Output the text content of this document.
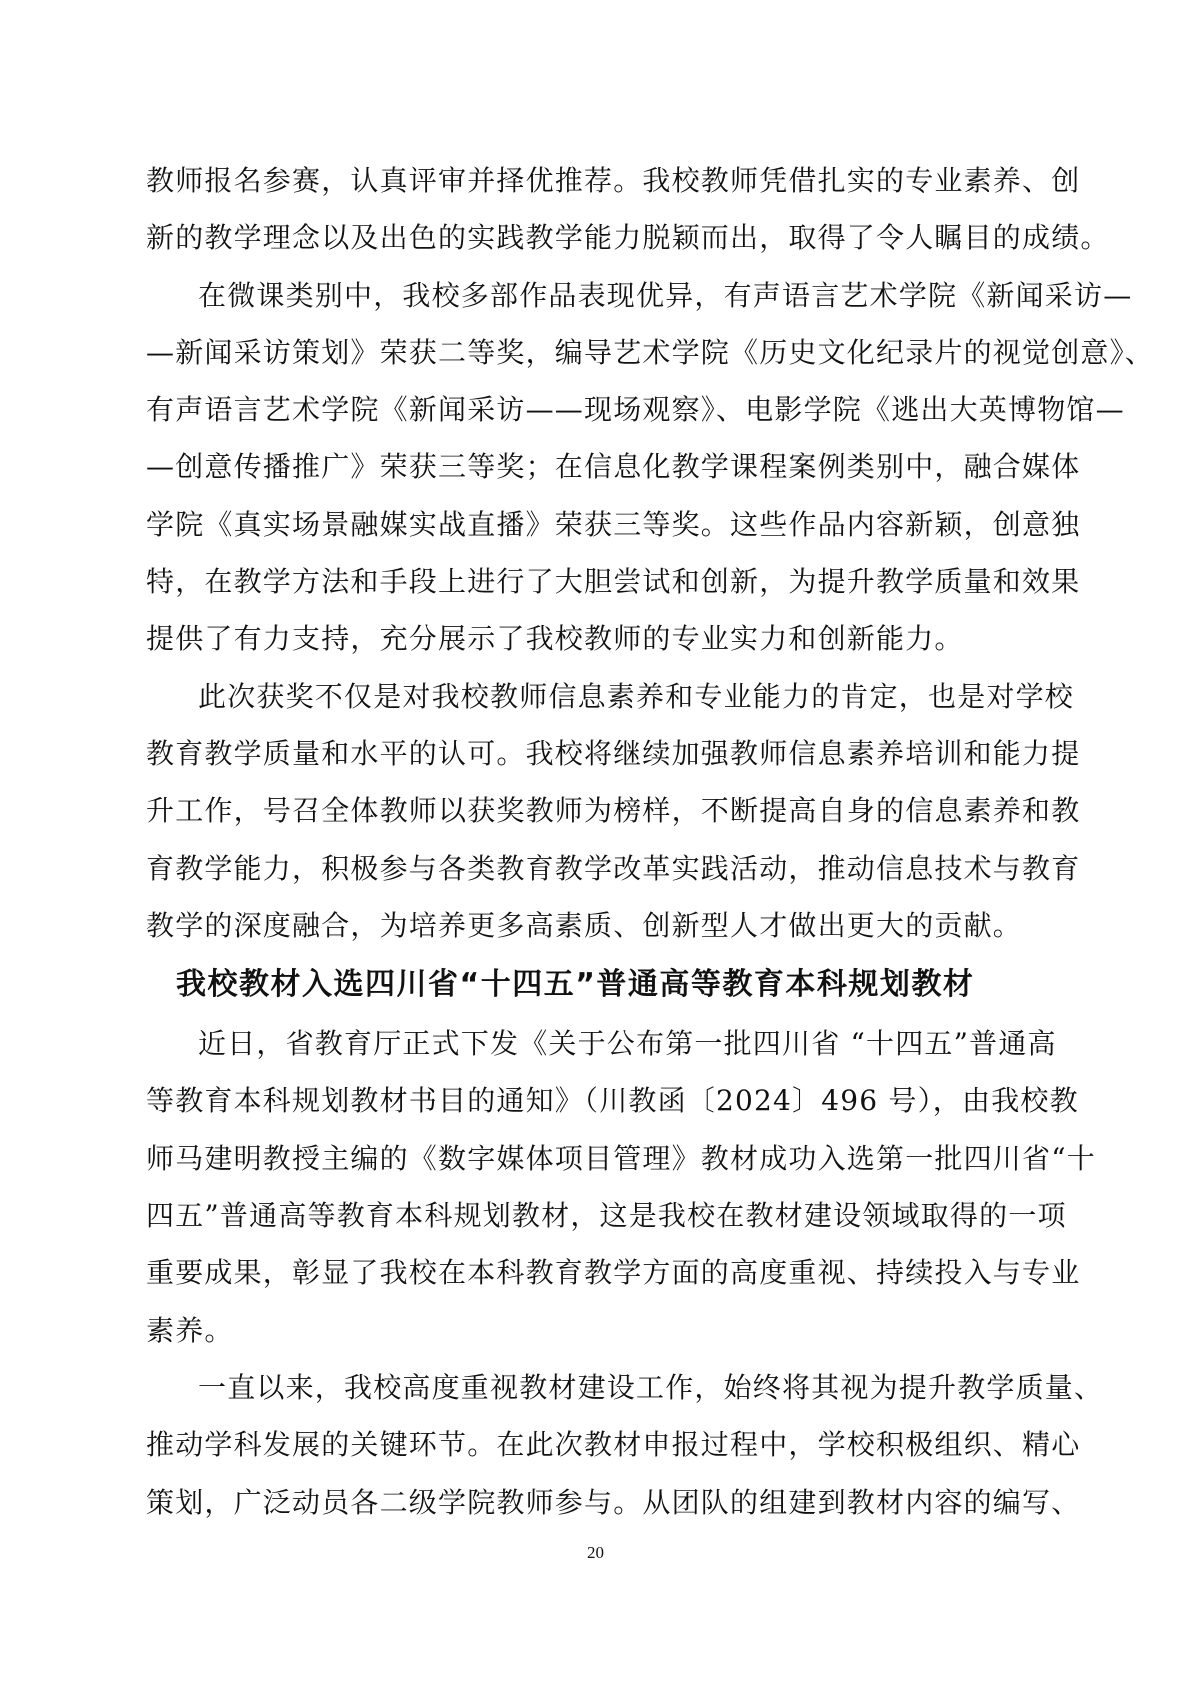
教师报名参赛，认真评审并择优推荐。我校教师凭借扎实的专业素养、创
新的教学理念以及出色的实践教学能力脱颖而出，取得了令人瞩目的成绩。
在微课类别中，我校多部作品表现优异，有声语言艺术学院《新闻采访—
—新闻采访策划》荣获二等奖，编导艺术学院《历史文化纪录片的视觉创意》、
有声语言艺术学院《新闻采访——现场观察》、电影学院《逃出大英博物馆—
—创意传播推广》荣获三等奖；在信息化教学课程案例类别中，融合媒体
学院《真实场景融媒实战直播》荣获三等奖。这些作品内容新颖，创意独
特，在教学方法和手段上进行了大胆尝试和创新，为提升教学质量和效果
提供了有力支持，充分展示了我校教师的专业实力和创新能力。
此次获奖不仅是对我校教师信息素养和专业能力的肯定，也是对学校
教育教学质量和水平的认可。我校将继续加强教师信息素养培训和能力提
升工作，号召全体教师以获奖教师为榜样，不断提高自身的信息素养和教
育教学能力，积极参与各类教育教学改革实践活动，推动信息技术与教育
教学的深度融合，为培养更多高素质、创新型人才做出更大的贡献。
我校教材入选四川省“十四五”普通高等教育本科规划教材
近日，省教育厅正式下发《关于公布第一批四川省 “十四五”普通高
等教育本科规划教材书目的通知》（川教函〔2024〕496 号），由我校教
师马建明教授主编的《数字媒体项目管理》教材成功入选第一批四川省“十
四五”普通高等教育本科规划教材，这是我校在教材建设领域取得的一项
重要成果，彰显了我校在本科教育教学方面的高度重视、持续投入与专业
素养。
一直以来，我校高度重视教材建设工作，始终将其视为提升教学质量、
推动学科发展的关键环节。在此次教材申报过程中，学校积极组织、精心
策划，广泛动员各二级学院教师参与。从团队的组建到教材内容的编写、
20
